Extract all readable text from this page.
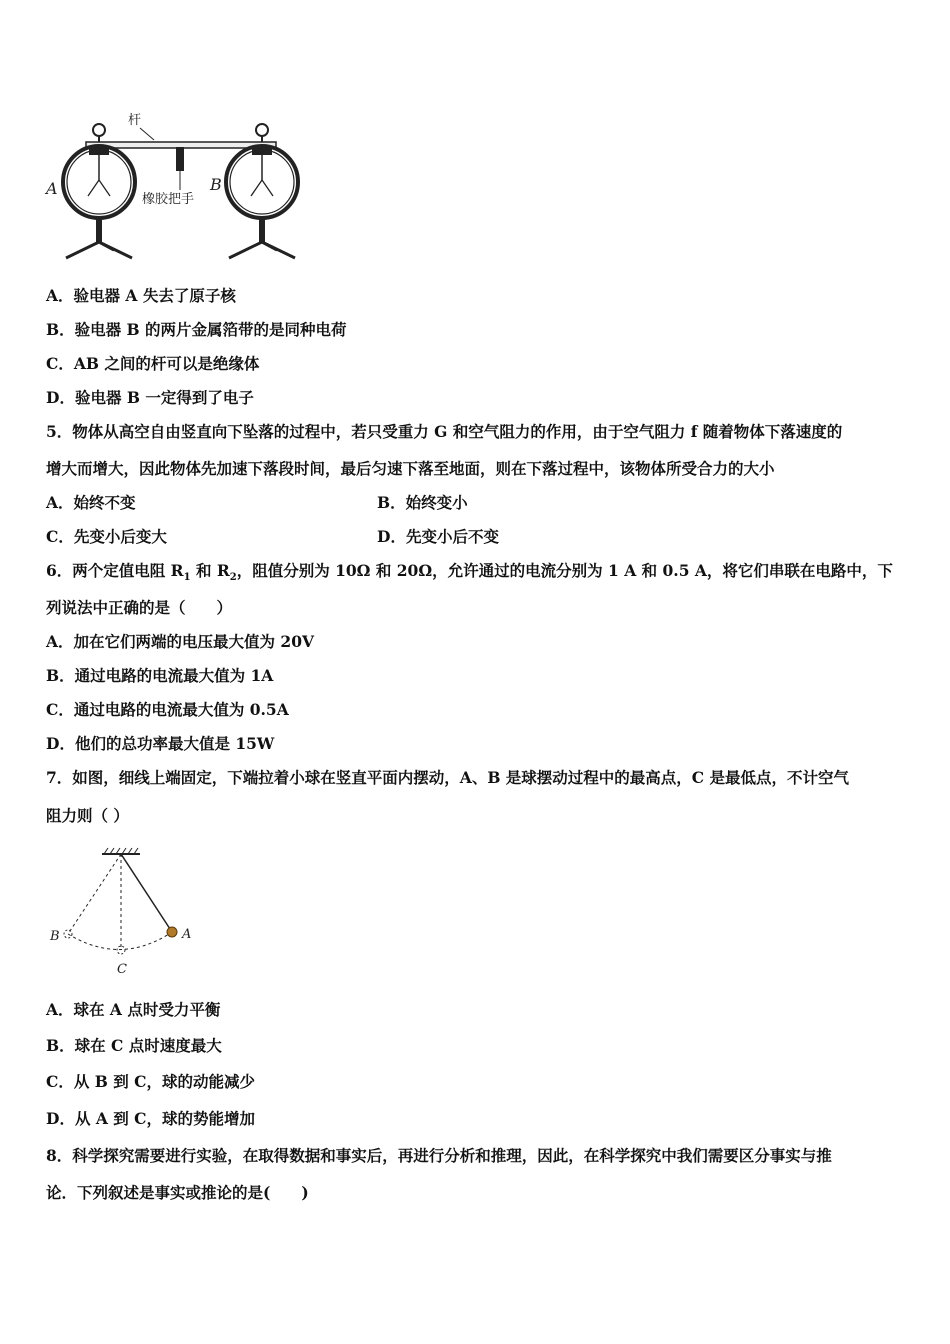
杆
橡胶把手
A	B
A．验电器 A 失去了原子核
B．验电器 B 的两片金属箔带的是同种电荷
C．AB 之间的杆可以是绝缘体
D．验电器 B 一定得到了电子
5．物体从高空自由竖直向下坠落的过程中，若只受重力 G 和空气阻力的作用，由于空气阻力 f 随着物体下落速度的
增大而增大，因此物体先加速下落段时间，最后匀速下落至地面，则在下落过程中，该物体所受合力的大小
A．始终不变	B．始终变小
C．先变小后变大	D．先变小后不变
6．两个定值电阻 $R_1$ 和 $R_2$，阻值分别为 10Ω 和 20Ω，允许通过的电流分别为 1 A 和 0.5 A，将它们串联在电路中，下
列说法中正确的是（　　）
A．加在它们两端的电压最大值为 20V
B．通过电路的电流最大值为 1A
C．通过电路的电流最大值为 0.5A
D．他们的总功率最大值是 15W
7．如图，细线上端固定，下端拉着小球在竖直平面内摆动，A、B 是球摆动过程中的最高点，C 是最低点，不计空气
阻力则（ ）
A
B
C
A．球在 A 点时受力平衡
B．球在 C 点时速度最大
C．从 B 到 C，球的动能减少
D．从 A 到 C，球的势能增加
8．科学探究需要进行实验，在取得数据和事实后，再进行分析和推理，因此，在科学探究中我们需要区分事实与推
论．下列叙述是事实或推论的是(　　)
